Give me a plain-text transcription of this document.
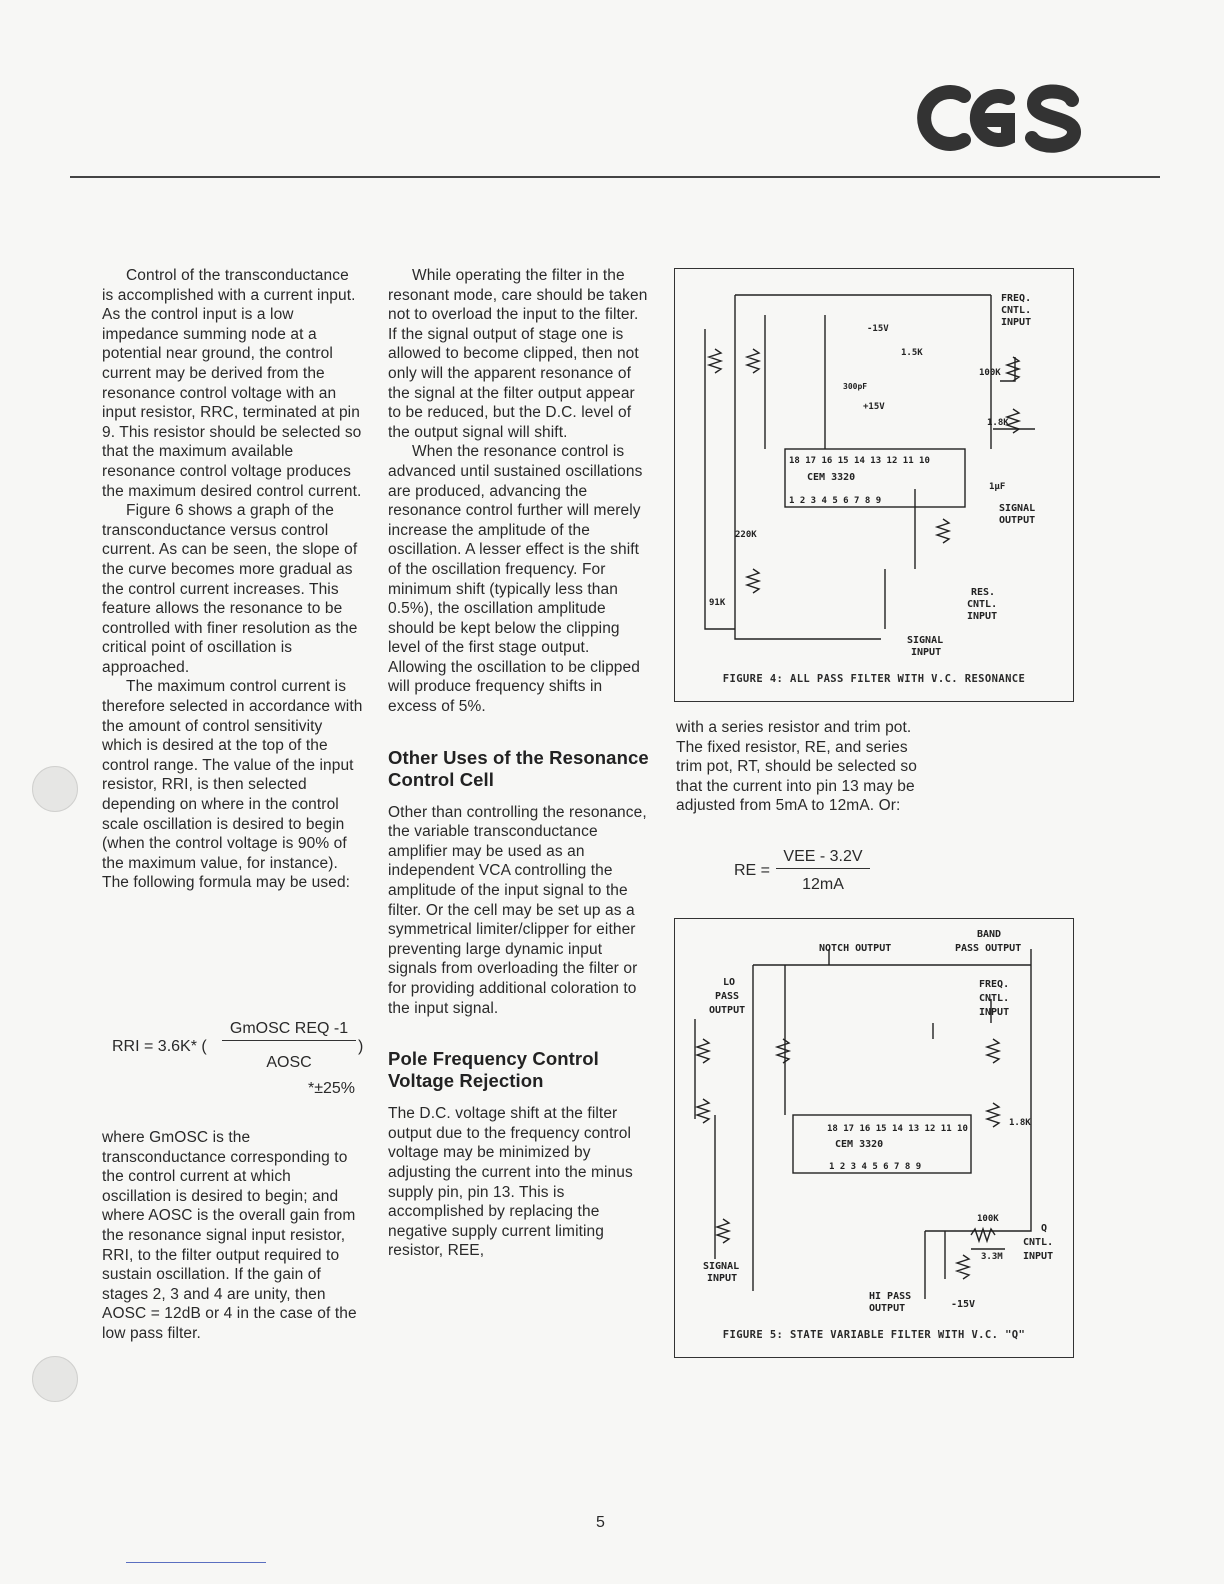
Control of the transconductance is accomplished with a current input. As the control input is a low impedance summing node at a potential near ground, the control current may be derived from the resonance control voltage with an input resistor, RRC, terminated at pin 9. This resistor should be selected so that the maximum available resonance control voltage produces the maximum desired control current.

Figure 6 shows a graph of the transconductance versus control current. As can be seen, the slope of the curve becomes more gradual as the control current increases. This feature allows the resonance to be controlled with finer resolution as the critical point of oscillation is approached.

The maximum control current is therefore selected in accordance with the amount of control sensitivity which is desired at the top of the control range. The value of the input resistor, RRI, is then selected depending on where in the control scale oscillation is desired to begin (when the control voltage is 90% of the maximum value, for instance). The following formula may be used:

RRI = 3.6K* (
GmOSC REQ -1
AOSC
)
*±25%

where GmOSC is the transconductance corresponding to the control current at which oscillation is desired to begin; and where AOSC is the overall gain from the resonance signal input resistor, RRI, to the filter output required to sustain oscillation. If the gain of stages 2, 3 and 4 are unity, then AOSC = 12dB or 4 in the case of the low pass filter.

While operating the filter in the resonant mode, care should be taken not to overload the input to the filter. If the signal output of stage one is allowed to become clipped, then not only will the apparent resonance of the signal at the filter output appear to be reduced, but the D.C. level of the output signal will shift.

When the resonance control is advanced until sustained oscillations are produced, advancing the resonance control further will merely increase the amplitude of the oscillation. A lesser effect is the shift of the oscillation frequency. For minimum shift (typically less than 0.5%), the oscillation amplitude should be kept below the clipping level of the first stage output. Allowing the oscillation to be clipped will produce frequency shifts in excess of 5%.

Other Uses of the Resonance Control Cell

Other than controlling the resonance, the variable transconductance amplifier may be used as an independent VCA controlling the amplitude of the input signal to the filter. Or the cell may be set up as a symmetrical limiter/clipper for either preventing large dynamic input signals from overloading the filter or for providing additional coloration to the input signal.

Pole Frequency Control Voltage Rejection

The D.C. voltage shift at the filter output due to the frequency control voltage may be minimized by adjusting the current into the minus supply pin, pin 13. This is accomplished by replacing the negative supply current limiting resistor, REE,

CEM 3320
18 17 16 15 14 13 12 11 10
1 2 3 4 5 6 7 8 9
FREQ.
CNTL.
INPUT
100K
1.8K
1µF
SIGNAL
OUTPUT
RES.
CNTL.
INPUT
SIGNAL
INPUT
-15V
+15V
1.5K
300pF
220K
91K
FIGURE 4: ALL PASS FILTER WITH V.C. RESONANCE

with a series resistor and trim pot. The fixed resistor, RE, and series trim pot, RT, should be selected so that the current into pin 13 may be adjusted from 5mA to 12mA. Or:

RE =
VEE - 3.2V
12mA
18 17 16 15 14 13 12 11 10
CEM 3320
1 2 3 4 5 6 7 8 9
NOTCH OUTPUT
BAND
PASS OUTPUT
LO
PASS
OUTPUT
FREQ.
CNTL.
INPUT
HI PASS
OUTPUT
SIGNAL
INPUT
Q
CNTL.
INPUT
-15V
3.3M
1.8K
100K
FIGURE 5: STATE VARIABLE FILTER WITH V.C. "Q"
5
